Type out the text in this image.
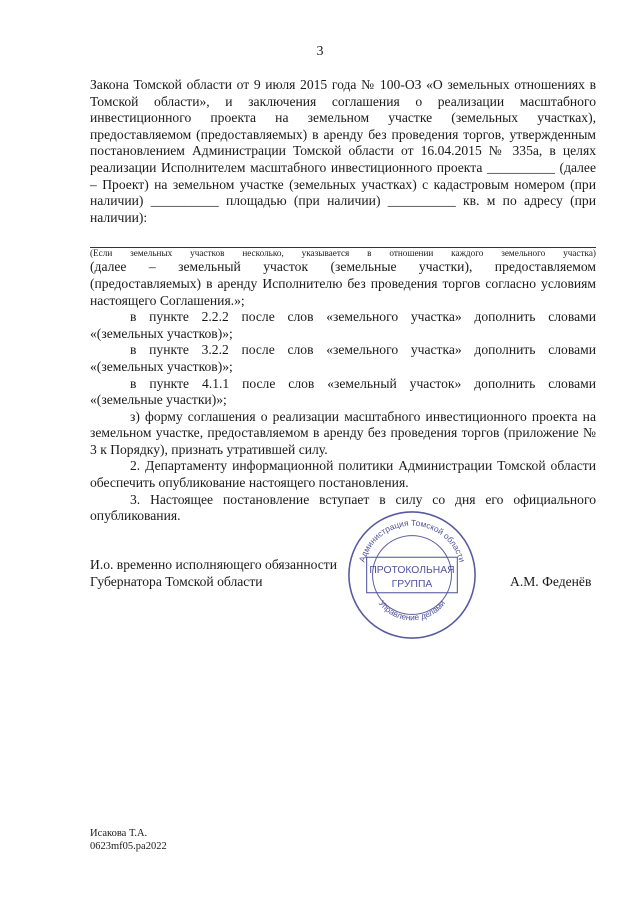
3

Закона Томской области от 9 июля 2015 года № 100-ОЗ «О земельных отношениях в Томской области», и заключения соглашения о реализации масштабного инвестиционного проекта на земельном участке (земельных участках), предоставляемом (предоставляемых) в аренду без проведения торгов, утвержденным постановлением Администрации Томской области от 16.04.2015 № 335а, в целях реализации Исполнителем масштабного инвестиционного проекта __________ (далее – Проект) на земельном участке (земельных участках) с кадастровым номером (при наличии) __________ площадью (при наличии) __________ кв. м по адресу (при наличии):

(Если земельных участков несколько, указывается в отношении каждого земельного участка)

(далее – земельный участок (земельные участки), предоставляемом (предоставляемых) в аренду Исполнителю без проведения торгов согласно условиям настоящего Соглашения.»;

в пункте 2.2.2 после слов «земельного участка» дополнить словами «(земельных участков)»;

в пункте 3.2.2 после слов «земельного участка» дополнить словами «(земельных участков)»;

в пункте 4.1.1 после слов «земельный участок» дополнить словами «(земельные участки)»;

з) форму соглашения о реализации масштабного инвестиционного проекта на земельном участке, предоставляемом в аренду без проведения торгов (приложение № 3 к Порядку), признать утратившей силу.

2. Департаменту информационной политики Администрации Томской области обеспечить опубликование настоящего постановления.

3. Настоящее постановление вступает в силу со дня его официального опубликования.

И.о. временно исполняющего обязанности
Губернатора Томской области	А.М. Феденёв
Администрация Томской области
Управление делами
ПРОТОКОЛЬНАЯ
ГРУППА
Исакова Т.А.
0623mf05.pa2022
